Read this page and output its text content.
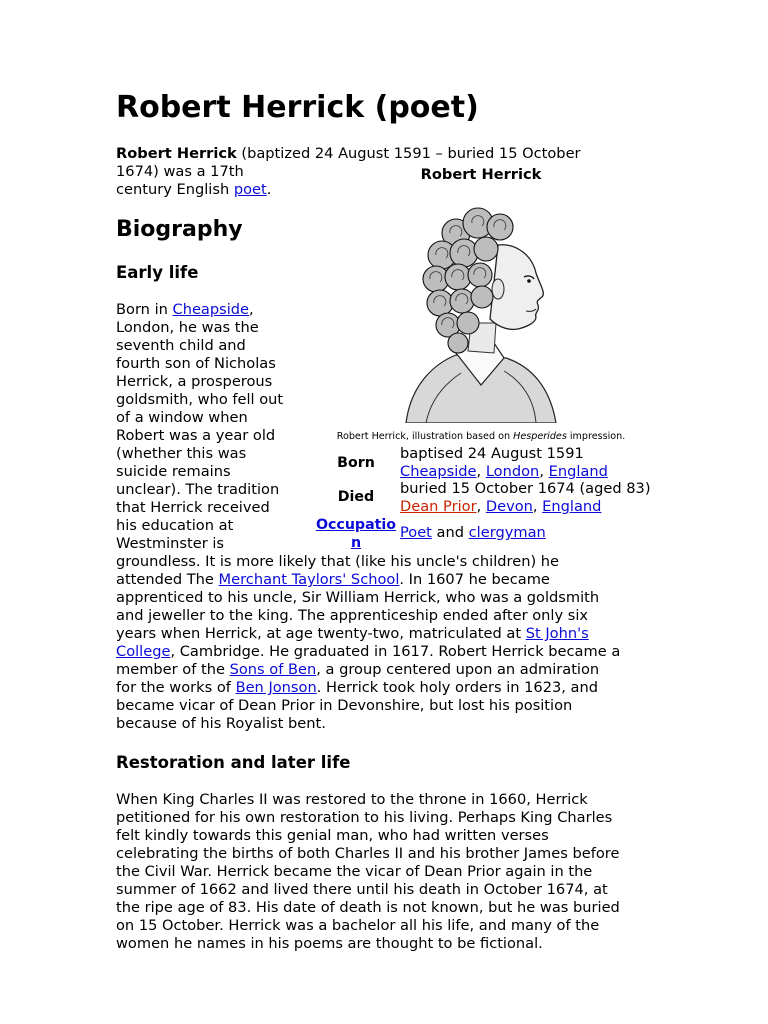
Robert Herrick (poet)
Robert Herrick (baptized 24 August 1591 – buried 15 October
1674) was a 17th
century English poet.
Biography
Early life
Born in Cheapside,
London, he was the
seventh child and
fourth son of Nicholas
Herrick, a prosperous
goldsmith, who fell out
of a window when
Robert was a year old
(whether this was
suicide remains
unclear). The tradition
that Herrick received
his education at
Westminster is
groundless. It is more likely that (like his uncle's children) he
attended The Merchant Taylors' School. In 1607 he became
apprenticed to his uncle, Sir William Herrick, who was a goldsmith
and jeweller to the king. The apprenticeship ended after only six
years when Herrick, at age twenty-two, matriculated at St John's
College, Cambridge. He graduated in 1617. Robert Herrick became a
member of the Sons of Ben, a group centered upon an admiration
for the works of Ben Jonson. Herrick took holy orders in 1623, and
became vicar of Dean Prior in Devonshire, but lost his position
because of his Royalist bent.
Restoration and later life
When King Charles II was restored to the throne in 1660, Herrick
petitioned for his own restoration to his living. Perhaps King Charles
felt kindly towards this genial man, who had written verses
celebrating the births of both Charles II and his brother James before
the Civil War. Herrick became the vicar of Dean Prior again in the
summer of 1662 and lived there until his death in October 1674, at
the ripe age of 83. His date of death is not known, but he was buried
on 15 October. Herrick was a bachelor all his life, and many of the
women he names in his poems are thought to be fictional.
Robert Herrick
Robert Herrick, illustration based on Hesperides impression.
Born
baptised 24 August 1591
Cheapside, London, England
Died	buried 15 October 1674 (aged 83)
Dean Prior, Devon, England
Occupatio
n
Poet and clergyman
